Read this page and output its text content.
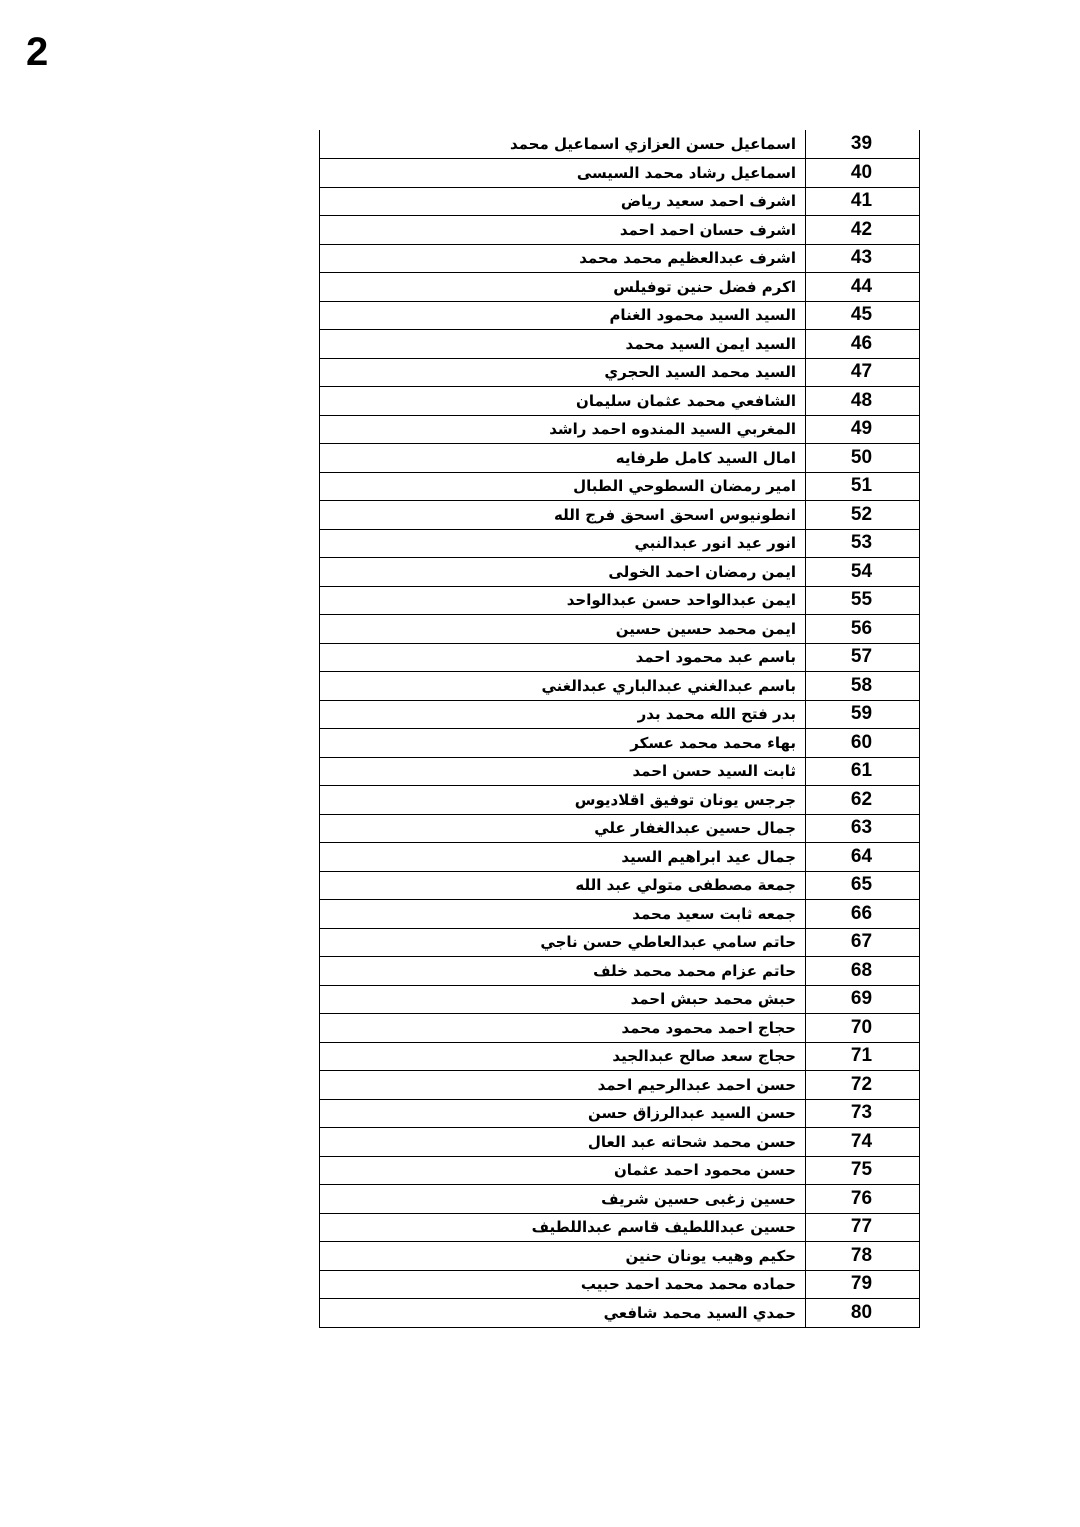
2
اسماعيل حسن العزازي اسماعيل محمد	39
اسماعيل رشاد محمد السيسى	40
اشرف احمد سعيد رياض	41
اشرف حسان احمد احمد	42
اشرف عبدالعظيم محمد محمد	43
اكرم فضل حنين توفيلس	44
السيد السيد محمود الغنام	45
السيد ايمن السيد محمد	46
السيد محمد السيد الحجري	47
الشافعي محمد عثمان سليمان	48
المغربي السيد المندوه احمد راشد	49
امال السيد كامل طرفايه	50
امير رمضان السطوحي الطبال	51
انطونيوس اسحق اسحق فرج الله	52
انور عيد انور عبدالنبي	53
ايمن رمضان احمد الخولى	54
ايمن عبدالواحد حسن عبدالواحد	55
ايمن محمد حسين حسين	56
باسم عبد محمود احمد	57
باسم عبدالغني عبدالباري عبدالغني	58
بدر فتح الله محمد بدر	59
بهاء محمد محمد عسكر	60
ثابت السيد حسن احمد	61
جرجس يونان توفيق اقلاديوس	62
جمال حسين عبدالغفار علي	63
جمال عيد ابراهيم السيد	64
جمعة مصطفى متولي عبد الله	65
جمعه ثابت سعيد محمد	66
حاتم سامي عبدالعاطي حسن ناجي	67
حاتم عزام محمد محمد خلف	68
حبش محمد حبش احمد	69
حجاج احمد محمود محمد	70
حجاج سعد صالح عبدالجيد	71
حسن احمد عبدالرحيم احمد	72
حسن السيد عبدالرزاق حسن	73
حسن محمد شحاته عبد العال	74
حسن محمود احمد عثمان	75
حسين زغبى حسين شريف	76
حسين عبداللطيف قاسم عبداللطيف	77
حكيم وهيب يونان حنين	78
حماده محمد محمد احمد حبيب	79
حمدي السيد محمد شافعي	80
